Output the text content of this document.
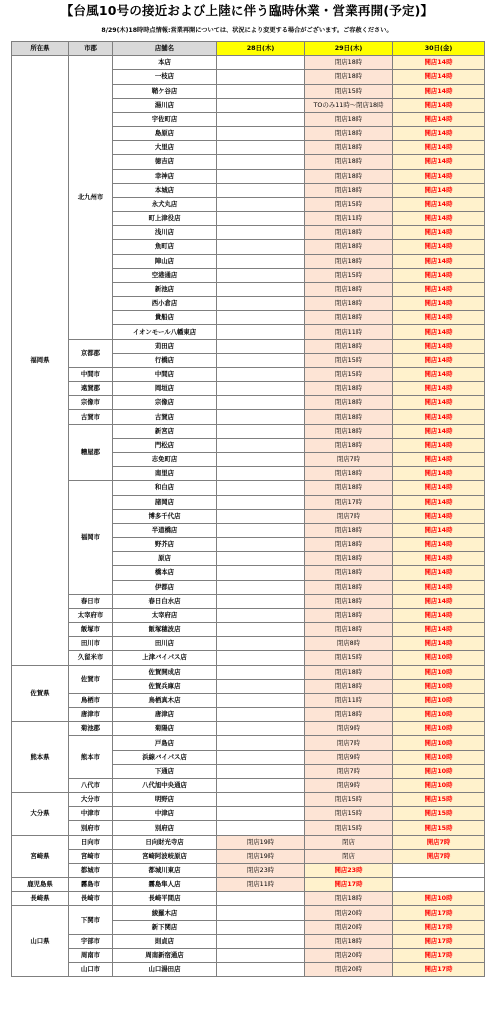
【台風10号の接近および上陸に伴う臨時休業・営業再開(予定)】
8/29(木)18時時点情報:営業再開については、状況により変更する場合がございます。ご容赦ください。
所在県	市郡	店舗名	28日(木)	29日(木)	30日(金)
福岡県	北九州市	本店		閉店18時	開店14時
		一枝店		閉店18時	開店14時
		鞘ケ谷店		閉店15時	開店14時
		湯川店		TOのみ11時〜閉店18時	開店14時
		宇佐町店		閉店18時	開店14時
		島原店		閉店18時	開店14時
		大里店		閉店18時	開店14時
		徳吉店		閉店18時	開店14時
		幸神店		閉店18時	開店14時
		本城店		閉店18時	開店14時
		永犬丸店		閉店15時	開店14時
		町上津役店		閉店11時	開店14時
		浅川店		閉店18時	開店14時
		魚町店		閉店18時	開店14時
		陣山店		閉店18時	開店14時
		空港通店		閉店15時	開店14時
		新池店		閉店18時	開店14時
		西小倉店		閉店18時	開店14時
		貴船店		閉店18時	開店14時
		イオンモール八幡東店		閉店11時	開店14時
	京都郡	苅田店		閉店18時	開店14時
		行橋店		閉店15時	開店14時
	中間市	中間店		閉店15時	開店14時
	遠賀郡	岡垣店		閉店18時	開店14時
	宗像市	宗像店		閉店18時	開店14時
	古賀市	古賀店		閉店18時	開店14時
	糟屋郡	新宮店		閉店18時	開店14時
		門松店		閉店18時	開店14時
		志免町店		閉店7時	開店14時
		南里店		閉店18時	開店14時
	福岡市	和白店		閉店18時	開店14時
		諸岡店		閉店17時	開店14時
		博多千代店		閉店7時	開店14時
		半道橋店		閉店18時	開店14時
		野芥店		閉店18時	開店14時
		原店		閉店18時	開店14時
		橋本店		閉店18時	開店14時
		伊都店		閉店18時	開店14時
	春日市	春日白水店		閉店18時	開店14時
	太宰府市	太宰府店		閉店18時	開店14時
	飯塚市	飯塚穂波店		閉店18時	開店14時
	田川市	田川店		閉店8時	開店14時
	久留米市	上津バイパス店		閉店15時	開店10時
佐賀県	佐賀市	佐賀開成店		閉店18時	開店10時
		佐賀兵庫店		閉店18時	開店10時
	鳥栖市	鳥栖真木店		閉店11時	開店10時
	唐津市	唐津店		閉店18時	開店10時
熊本県	菊池郡	菊陽店		閉店9時	開店10時
	熊本市	戸島店		閉店7時	開店10時
		浜線バイパス店		閉店9時	開店10時
		下通店		閉店7時	開店10時
	八代市	八代旭中央通店		閉店9時	開店10時
大分県	大分市	明野店		閉店15時	開店15時
	中津市	中津店		閉店15時	開店15時
	別府市	別府店		閉店15時	開店15時
宮崎県	日向市	日向財光寺店	閉店19時	閉店	開店7時
	宮崎市	宮崎阿波岐原店	閉店19時	閉店	開店7時
	都城市	都城川東店	閉店23時	開店23時	
鹿児島県	霧島市	霧島隼人店	閉店11時	開店17時	
長崎県	長崎市	長崎平間店		閉店18時	開店10時
山口県	下関市	綾羅木店		閉店20時	開店17時
		新下関店		閉店20時	開店17時
	宇部市	則貞店		閉店18時	開店17時
	周南市	周南新宿通店		閉店20時	開店17時
	山口市	山口湯田店		閉店20時	開店17時
